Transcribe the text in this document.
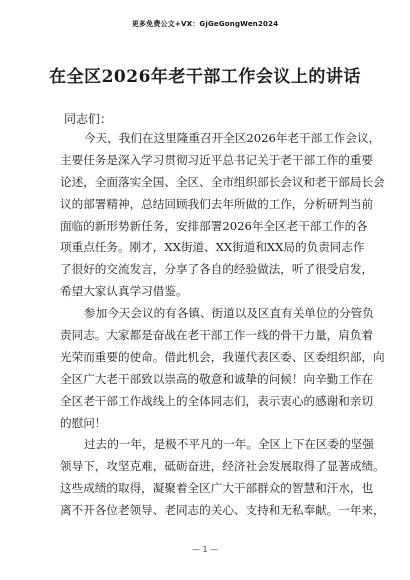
更多免费公文+VX：GjGeGongWen2024
在全区2026年老干部工作会议上的讲话
同志们：
今天，我们在这里隆重召开全区2026年老干部工作会议，
主要任务是深入学习贯彻习近平总书记关于老干部工作的重要
论述，全面落实全国、全区、全市组织部长会议和老干部局长会
议的部署精神，总结回顾我们去年所做的工作，分析研判当前
面临的新形势新任务，安排部署2026年全区老干部工作的各
项重点任务。刚才，XX街道、XX街道和XX局的负责同志作
了很好的交流发言，分享了各自的经验做法，听了很受启发，
希望大家认真学习借鉴。
参加今天会议的有各镇、街道以及区直有关单位的分管负
责同志。大家都是奋战在老干部工作一线的骨干力量，肩负着
光荣而重要的使命。借此机会，我谨代表区委、区委组织部，向
全区广大老干部致以崇高的敬意和诚挚的问候！向辛勤工作在
全区老干部工作战线上的全体同志们，表示衷心的感谢和亲切
的慰问！
过去的一年，是极不平凡的一年。全区上下在区委的坚强
领导下，攻坚克难，砥砺奋进，经济社会发展取得了显著成绩。
这些成绩的取得，凝聚着全区广大干部群众的智慧和汗水，也
离不开各位老领导、老同志的关心、支持和无私奉献。一年来，
— 1 —
